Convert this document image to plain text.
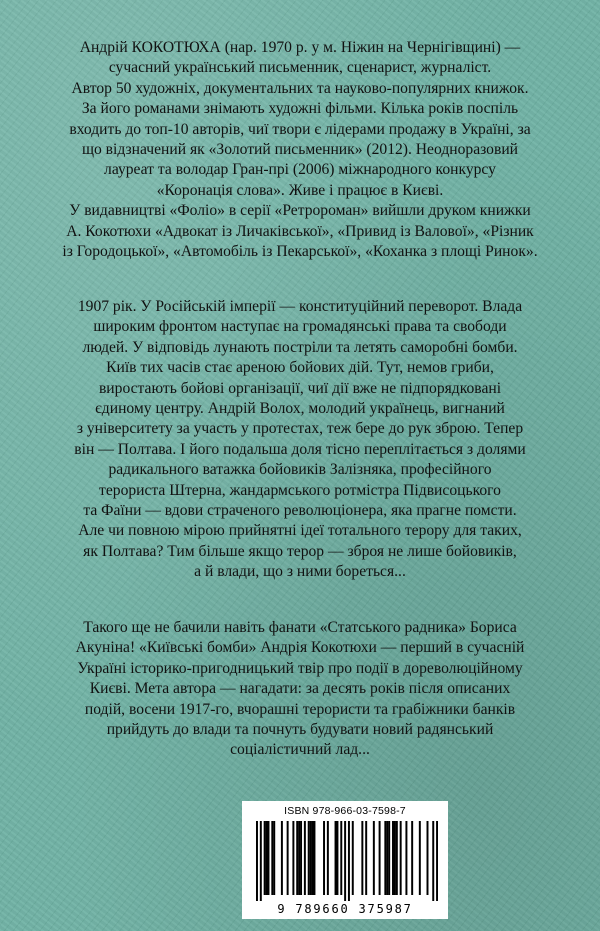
Андрій КОКОТЮХА (нар. 1970 р. у м. Ніжин на Чернігівщині) —
сучасний український письменник, сценарист, журналіст.
Автор 50 художніх, документальних та науково-популярних книжок.
За його романами знімають художні фільми. Кілька років поспіль
входить до топ-10 авторів, чиї твори є лідерами продажу в Україні, за
що відзначений як «Золотий письменник» (2012). Неодноразовий
лауреат та володар Гран-прі (2006) міжнародного конкурсу
«Коронація слова». Живе і працює в Києві.
У видавництві «Фоліо» в серії «Ретророман» вийшли друком книжки
А. Кокотюхи «Адвокат із Личаківської», «Привид із Валової», «Різник
із Городоцької», «Автомобіль із Пекарської», «Коханка з площі Ринок».

1907 рік. У Російській імперії — конституційний переворот. Влада
широким фронтом наступає на громадянські права та свободи
людей. У відповідь лунають постріли та летять саморобні бомби.
Київ тих часів стає ареною бойових дій. Тут, немов гриби,
виростають бойові організації, чиї дії вже не підпорядковані
єдиному центру. Андрій Волох, молодий українець, вигнаний
з університету за участь у протестах, теж бере до рук зброю. Тепер
він — Полтава. І його подальша доля тісно переплітається з долями
радикального ватажка бойовиків Залізняка, професійного
терориста Штерна, жандармського ротмістра Підвисоцького
та Фаїни — вдови страченого революціонера, яка прагне помсти.
Але чи повною мірою прийнятні ідеї тотального терору для таких,
як Полтава? Тим більше якщо терор — зброя не лише бойовиків,
а й влади, що з ними бореться...

Такого ще не бачили навіть фанати «Статського радника» Бориса
Акуніна! «Київські бомби» Андрія Кокотюхи — перший в сучасній
Україні історико-пригодницький твір про події в дореволюційному
Києві. Мета автора — нагадати: за десять років після описаних
подій, восени 1917-го, вчорашні терористи та грабіжники банків
прийдуть до влади та почнуть будувати новий радянський
соціалістичний лад...

ISBN 978-966-03-7598-7
9 789660 375987
